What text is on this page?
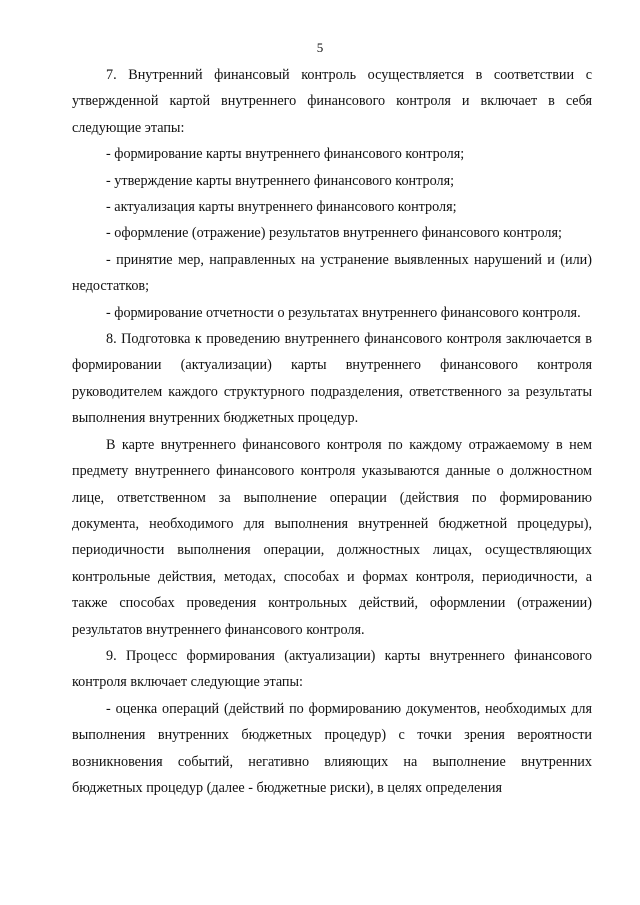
5

7. Внутренний финансовый контроль осуществляется в соответствии с утвержденной картой внутреннего финансового контроля и включает в себя следующие этапы:

- формирование карты внутреннего финансового контроля;

- утверждение карты внутреннего финансового контроля;

- актуализация карты внутреннего финансового контроля;

- оформление (отражение) результатов внутреннего финансового контроля;

- принятие мер, направленных на устранение выявленных нарушений и (или) недостатков;

- формирование отчетности о результатах внутреннего финансового контроля.

8. Подготовка к проведению внутреннего финансового контроля заключается в формировании (актуализации) карты внутреннего финансового контроля руководителем каждого структурного подразделения, ответственного за результаты выполнения внутренних бюджетных процедур.

В карте внутреннего финансового контроля по каждому отражаемому в нем предмету внутреннего финансового контроля указываются данные о должностном лице, ответственном за выполнение операции (действия по формированию документа, необходимого для выполнения внутренней бюджетной процедуры), периодичности выполнения операции, должностных лицах, осуществляющих контрольные действия, методах, способах и формах контроля, периодичности, а также способах проведения контрольных действий, оформлении (отражении) результатов внутреннего финансового контроля.

9. Процесс формирования (актуализации) карты внутреннего финансового контроля включает следующие этапы:

- оценка операций (действий по формированию документов, необходимых для выполнения внутренних бюджетных процедур) с точки зрения вероятности возникновения событий, негативно влияющих на выполнение внутренних бюджетных процедур (далее - бюджетные риски), в целях определения
